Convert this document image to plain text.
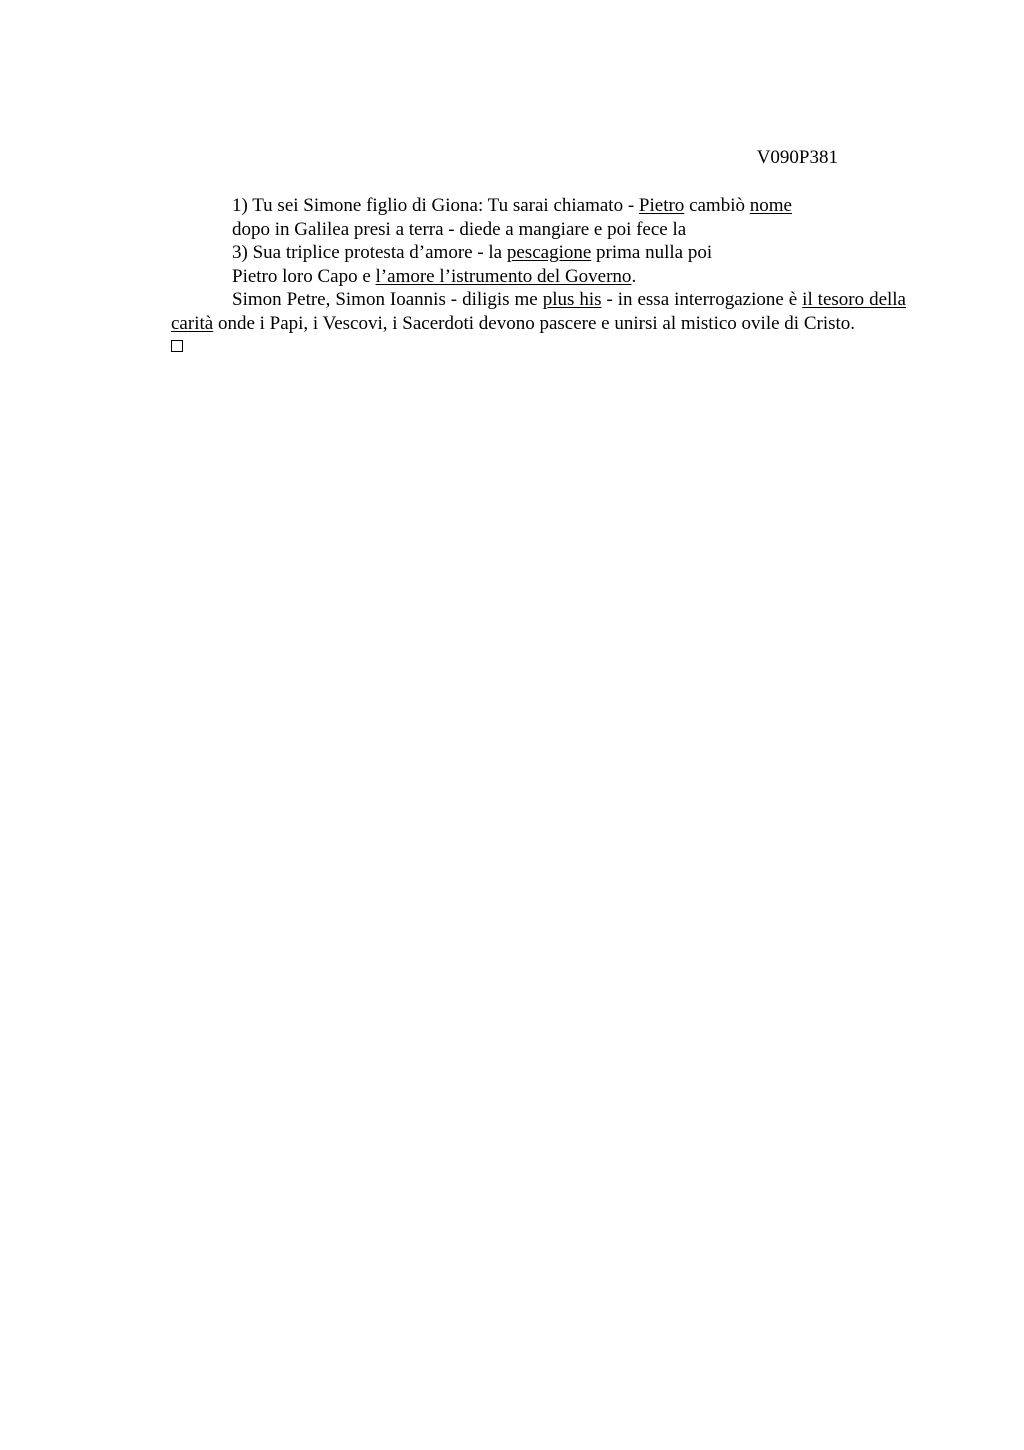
V090P381
1) Tu sei Simone figlio di Giona: Tu sarai chiamato - Pietro cambiò nome
dopo in Galilea presi a terra - diede a mangiare e poi fece la
3) Sua triplice protesta d’amore - la pescagione prima nulla poi
Pietro loro Capo e l’amore l’istrumento del Governo.

Simon Petre, Simon Ioannis - diligis me plus his - in essa interrogazione è il tesoro della carità onde i Papi, i Vescovi, i Sacerdoti devono pascere e unirsi al mistico ovile di Cristo.
